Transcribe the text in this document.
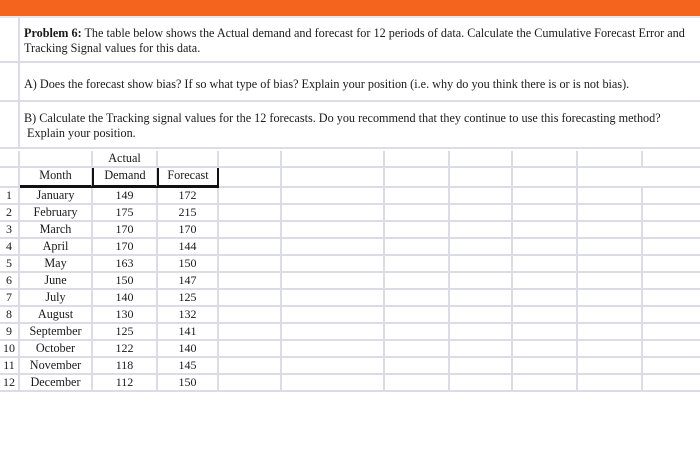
Problem 6: The table below shows the Actual demand and forecast for 12 periods of data. Calculate the Cumulative Forecast Error and Tracking Signal values for this data.
A) Does the forecast show bias? If so what type of bias? Explain your position (i.e. why do you think there is or is not bias).
B) Calculate the Tracking signal values for the 12 forecasts. Do you recommend that they continue to use this forecasting method?
Explain your position.
Actual
Month	Demand	Forecast
1	January	149	172
2	February	175	215
3	March	170	170
4	April	170	144
5	May	163	150
6	June	150	147
7	July	140	125
8	August	130	132
9	September	125	141
10	October	122	140
11	November	118	145
12	December	112	150
